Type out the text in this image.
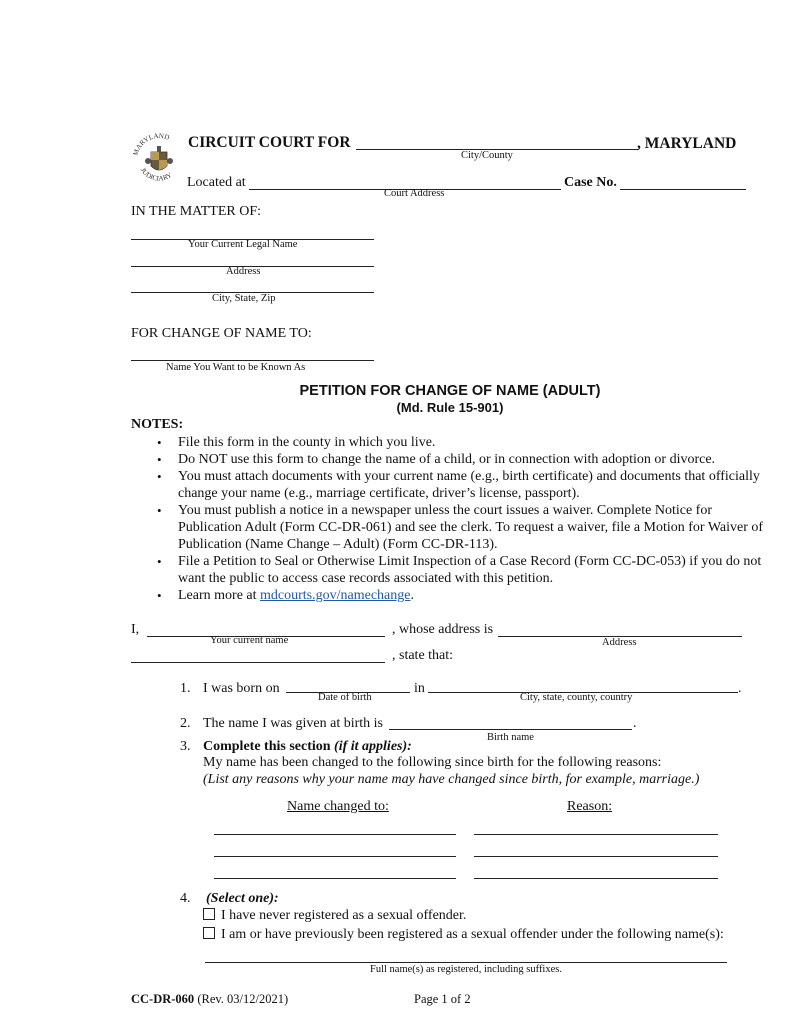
MARYLAND
JUDICIARY
CIRCUIT COURT FOR	, MARYLAND
City/County
Located at
Court Address
Case No.
IN THE MATTER OF:
Your Current Legal Name
Address
City, State, Zip
FOR CHANGE OF NAME TO:
Name You Want to be Known As
PETITION FOR CHANGE OF NAME (ADULT)
(Md. Rule 15-901)
NOTES:
• File this form in the county in which you live.
• Do NOT use this form to change the name of a child, or in connection with adoption or divorce.
• You must attach documents with your current name (e.g., birth certificate) and documents that officially change your name (e.g., marriage certificate, driver’s license, passport).
• You must publish a notice in a newspaper unless the court issues a waiver. Complete Notice for Publication Adult (Form CC-DR-061) and see the clerk. To request a waiver, file a Motion for Waiver of Publication (Name Change – Adult) (Form CC-DR-113).
• File a Petition to Seal or Otherwise Limit Inspection of a Case Record (Form CC-DC-053) if you do not want the public to access case records associated with this petition.
• Learn more at mdcourts.gov/namechange.
I,
Your current name
, whose address is
Address
, state that:
1. I was born on
Date of birth
in
City, state, county, country
.
2. The name I was given at birth is	.
Birth name
3. Complete this section (if it applies):
My name has been changed to the following since birth for the following reasons:
(List any reasons why your name may have changed since birth, for example, marriage.)
Name changed to:	Reason:
4. (Select one):
I have never registered as a sexual offender.
I am or have previously been registered as a sexual offender under the following name(s):
Full name(s) as registered, including suffixes.
CC-DR-060 (Rev. 03/12/2021)	Page 1 of 2
